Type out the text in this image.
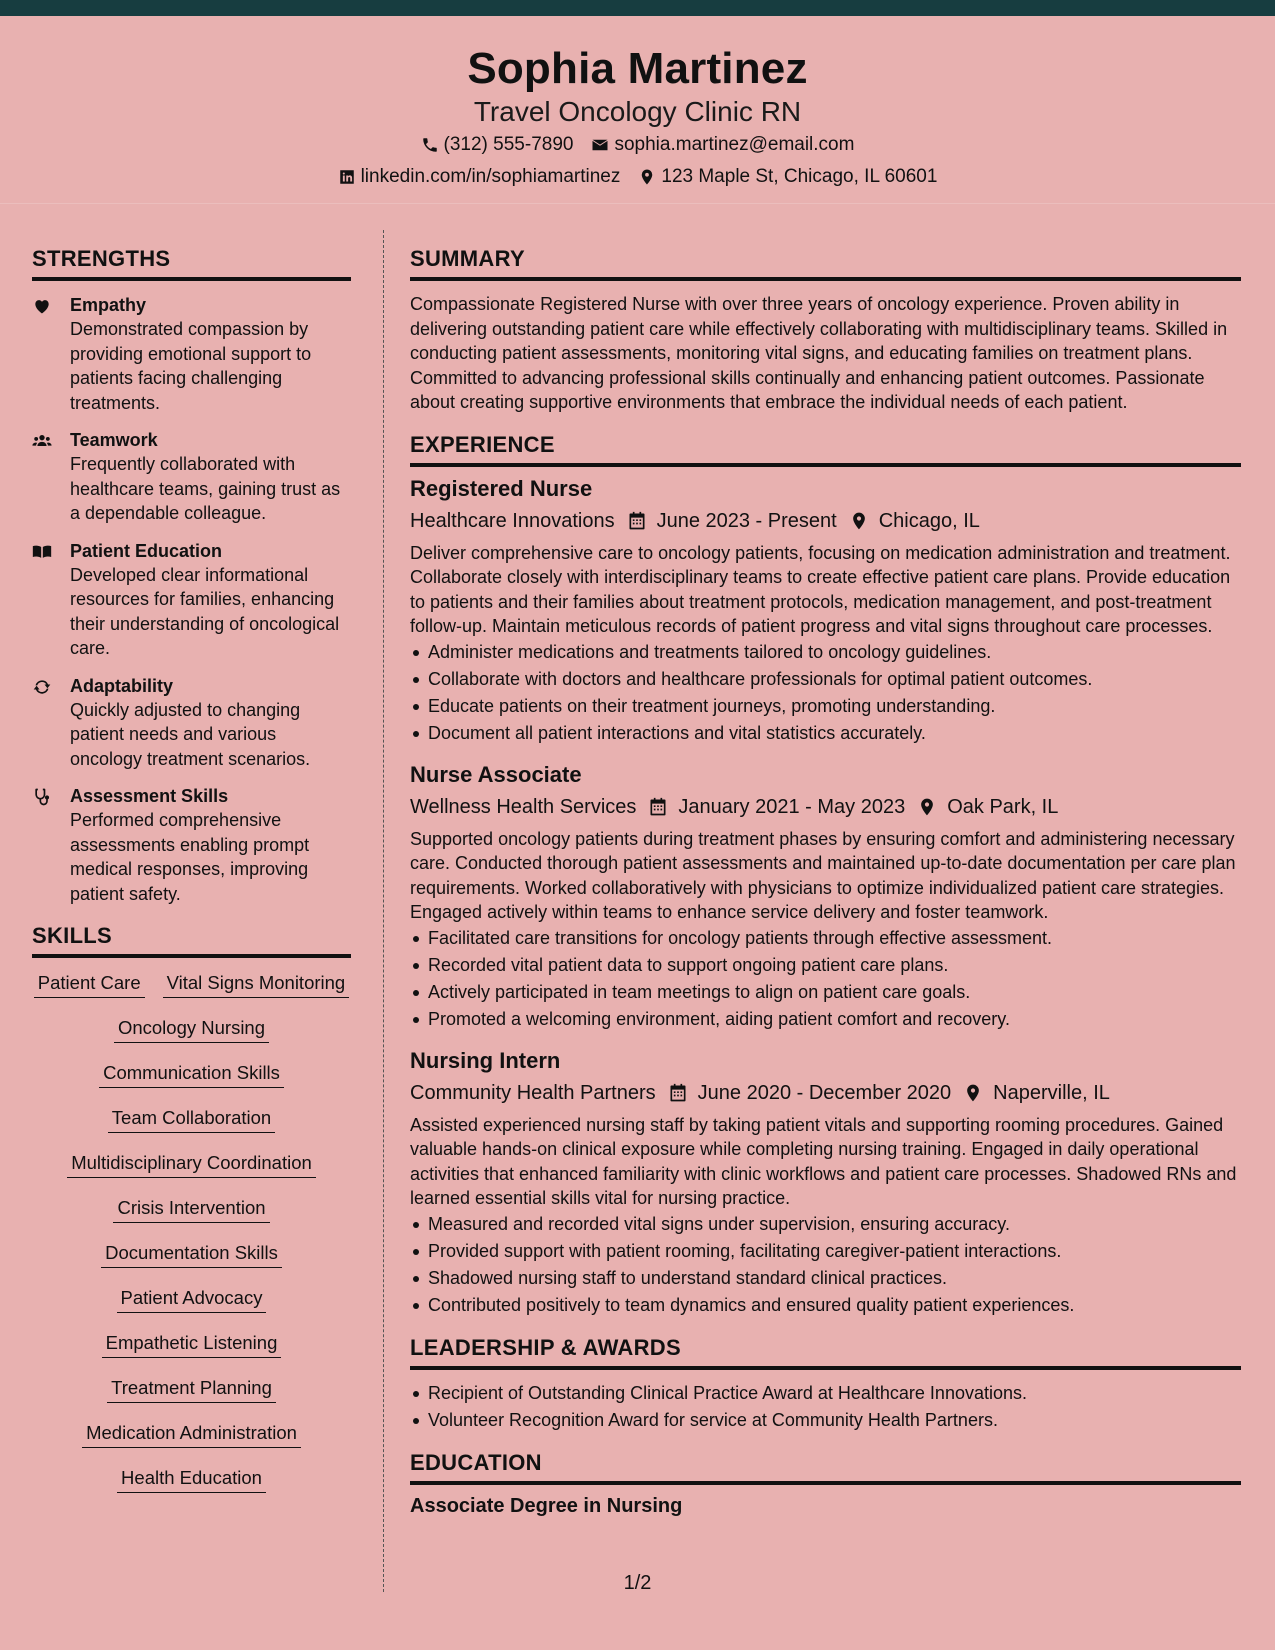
Sophia Martinez
Travel Oncology Clinic RN
(312) 555-7890 sophia.martinez@email.com
linkedin.com/in/sophiamartinez 123 Maple St, Chicago, IL 60601
STRENGTHS
Empathy
Demonstrated compassion by providing emotional support to patients facing challenging treatments.
Teamwork
Frequently collaborated with healthcare teams, gaining trust as a dependable colleague.
Patient Education
Developed clear informational resources for families, enhancing their understanding of oncological care.
Adaptability
Quickly adjusted to changing patient needs and various oncology treatment scenarios.
Assessment Skills
Performed comprehensive assessments enabling prompt medical responses, improving patient safety.
SKILLS
Patient Care Vital Signs Monitoring
Oncology Nursing
Communication Skills
Team Collaboration
Multidisciplinary Coordination
Crisis Intervention
Documentation Skills
Patient Advocacy
Empathetic Listening
Treatment Planning
Medication Administration
Health Education
SUMMARY
Compassionate Registered Nurse with over three years of oncology experience. Proven ability in delivering outstanding patient care while effectively collaborating with multidisciplinary teams. Skilled in conducting patient assessments, monitoring vital signs, and educating families on treatment plans. Committed to advancing professional skills continually and enhancing patient outcomes. Passionate about creating supportive environments that embrace the individual needs of each patient.
EXPERIENCE
Registered Nurse
Healthcare Innovations June 2023 - Present Chicago, IL
Deliver comprehensive care to oncology patients, focusing on medication administration and treatment. Collaborate closely with interdisciplinary teams to create effective patient care plans. Provide education to patients and their families about treatment protocols, medication management, and post-treatment follow-up. Maintain meticulous records of patient progress and vital signs throughout care processes.
Administer medications and treatments tailored to oncology guidelines.
Collaborate with doctors and healthcare professionals for optimal patient outcomes.
Educate patients on their treatment journeys, promoting understanding.
Document all patient interactions and vital statistics accurately.
Nurse Associate
Wellness Health Services January 2021 - May 2023 Oak Park, IL
Supported oncology patients during treatment phases by ensuring comfort and administering necessary care. Conducted thorough patient assessments and maintained up-to-date documentation per care plan requirements. Worked collaboratively with physicians to optimize individualized patient care strategies. Engaged actively within teams to enhance service delivery and foster teamwork.
Facilitated care transitions for oncology patients through effective assessment.
Recorded vital patient data to support ongoing patient care plans.
Actively participated in team meetings to align on patient care goals.
Promoted a welcoming environment, aiding patient comfort and recovery.
Nursing Intern
Community Health Partners June 2020 - December 2020 Naperville, IL
Assisted experienced nursing staff by taking patient vitals and supporting rooming procedures. Gained valuable hands-on clinical exposure while completing nursing training. Engaged in daily operational activities that enhanced familiarity with clinic workflows and patient care processes. Shadowed RNs and learned essential skills vital for nursing practice.
Measured and recorded vital signs under supervision, ensuring accuracy.
Provided support with patient rooming, facilitating caregiver-patient interactions.
Shadowed nursing staff to understand standard clinical practices.
Contributed positively to team dynamics and ensured quality patient experiences.
LEADERSHIP & AWARDS
Recipient of Outstanding Clinical Practice Award at Healthcare Innovations.
Volunteer Recognition Award for service at Community Health Partners.
EDUCATION
Associate Degree in Nursing
1/2
